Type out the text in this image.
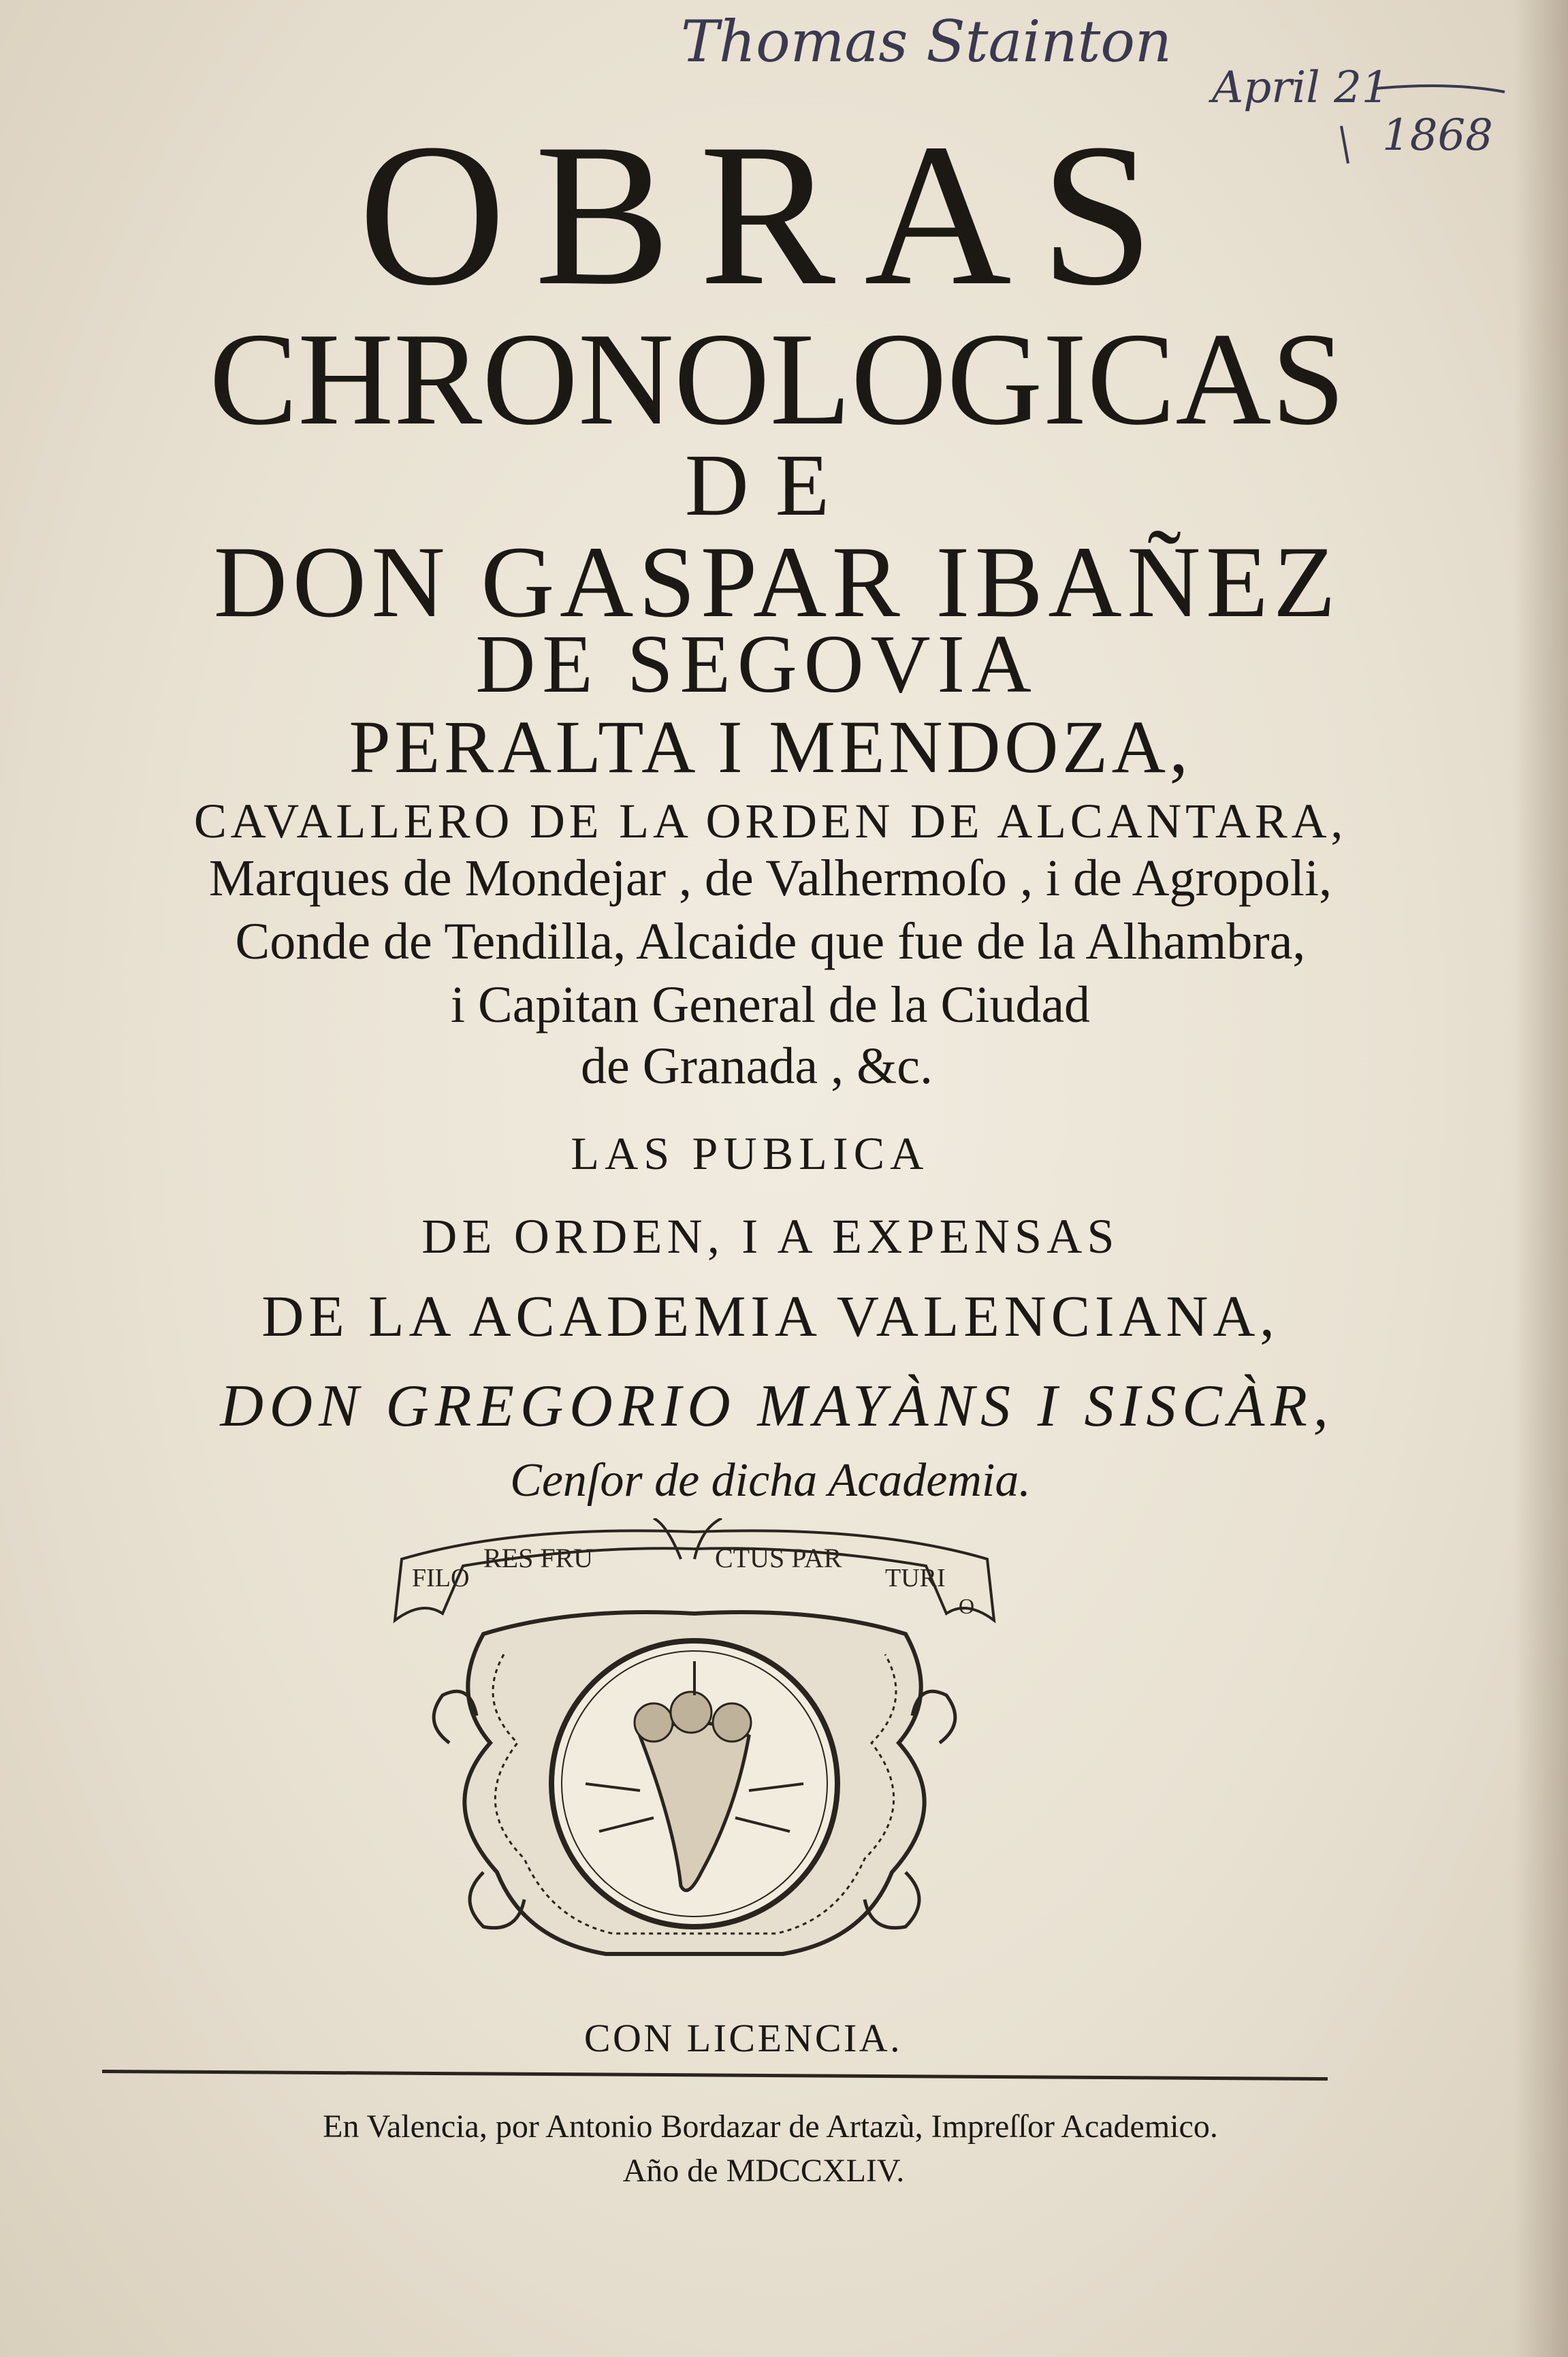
Thomas Stainton
April 21
1868
OBRAS
CHRONOLOGICAS
DE
DON GASPAR IBAÑEZ
DE SEGOVIA
PERALTA I MENDOZA,
CAVALLERO DE LA ORDEN DE ALCANTARA,
Marques de Mondejar , de Valhermoſo , i de Agropoli,
Conde de Tendilla, Alcaide que fue de la Alhambra,
i Capitan General de la Ciudad
de Granada , &c.
LAS PUBLICA
DE ORDEN, I A EXPENSAS
DE LA ACADEMIA VALENCIANA,
DON GREGORIO MAYÀNS I SISCÀR,
Cenſor de dicha Academia.
FILO
RES FRU	CTUS PAR
TURI
O
CON LICENCIA.
En Valencia, por Antonio Bordazar de Artazù, Impreſſor Academico.
Año de MDCCXLIV.
